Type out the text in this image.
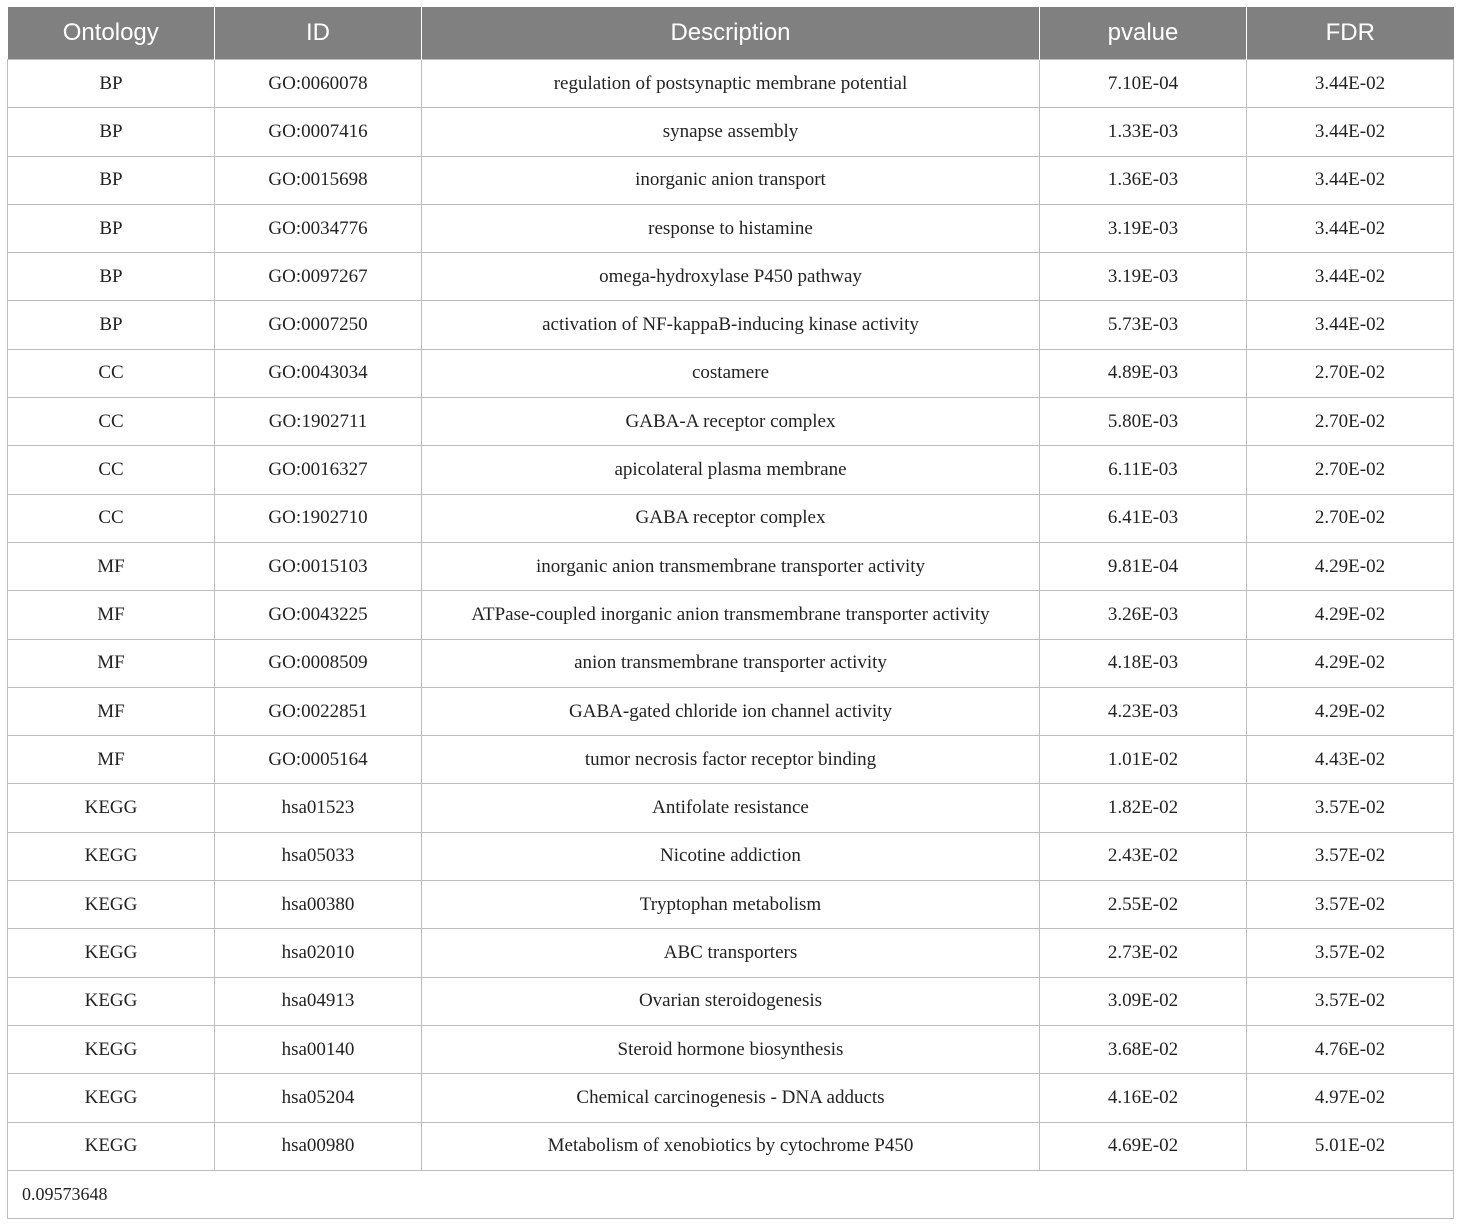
Ontology	ID	Description	pvalue	FDR
BP	GO:0060078	regulation of postsynaptic membrane potential	7.10E-04	3.44E-02
BP	GO:0007416	synapse assembly	1.33E-03	3.44E-02
BP	GO:0015698	inorganic anion transport	1.36E-03	3.44E-02
BP	GO:0034776	response to histamine	3.19E-03	3.44E-02
BP	GO:0097267	omega-hydroxylase P450 pathway	3.19E-03	3.44E-02
BP	GO:0007250	activation of NF-kappaB-inducing kinase activity	5.73E-03	3.44E-02
CC	GO:0043034	costamere	4.89E-03	2.70E-02
CC	GO:1902711	GABA-A receptor complex	5.80E-03	2.70E-02
CC	GO:0016327	apicolateral plasma membrane	6.11E-03	2.70E-02
CC	GO:1902710	GABA receptor complex	6.41E-03	2.70E-02
MF	GO:0015103	inorganic anion transmembrane transporter activity	9.81E-04	4.29E-02
MF	GO:0043225	ATPase-coupled inorganic anion transmembrane transporter activity	3.26E-03	4.29E-02
MF	GO:0008509	anion transmembrane transporter activity	4.18E-03	4.29E-02
MF	GO:0022851	GABA-gated chloride ion channel activity	4.23E-03	4.29E-02
MF	GO:0005164	tumor necrosis factor receptor binding	1.01E-02	4.43E-02
KEGG	hsa01523	Antifolate resistance	1.82E-02	3.57E-02
KEGG	hsa05033	Nicotine addiction	2.43E-02	3.57E-02
KEGG	hsa00380	Tryptophan metabolism	2.55E-02	3.57E-02
KEGG	hsa02010	ABC transporters	2.73E-02	3.57E-02
KEGG	hsa04913	Ovarian steroidogenesis	3.09E-02	3.57E-02
KEGG	hsa00140	Steroid hormone biosynthesis	3.68E-02	4.76E-02
KEGG	hsa05204	Chemical carcinogenesis - DNA adducts	4.16E-02	4.97E-02
KEGG	hsa00980	Metabolism of xenobiotics by cytochrome P450	4.69E-02	5.01E-02
0.09573648				
